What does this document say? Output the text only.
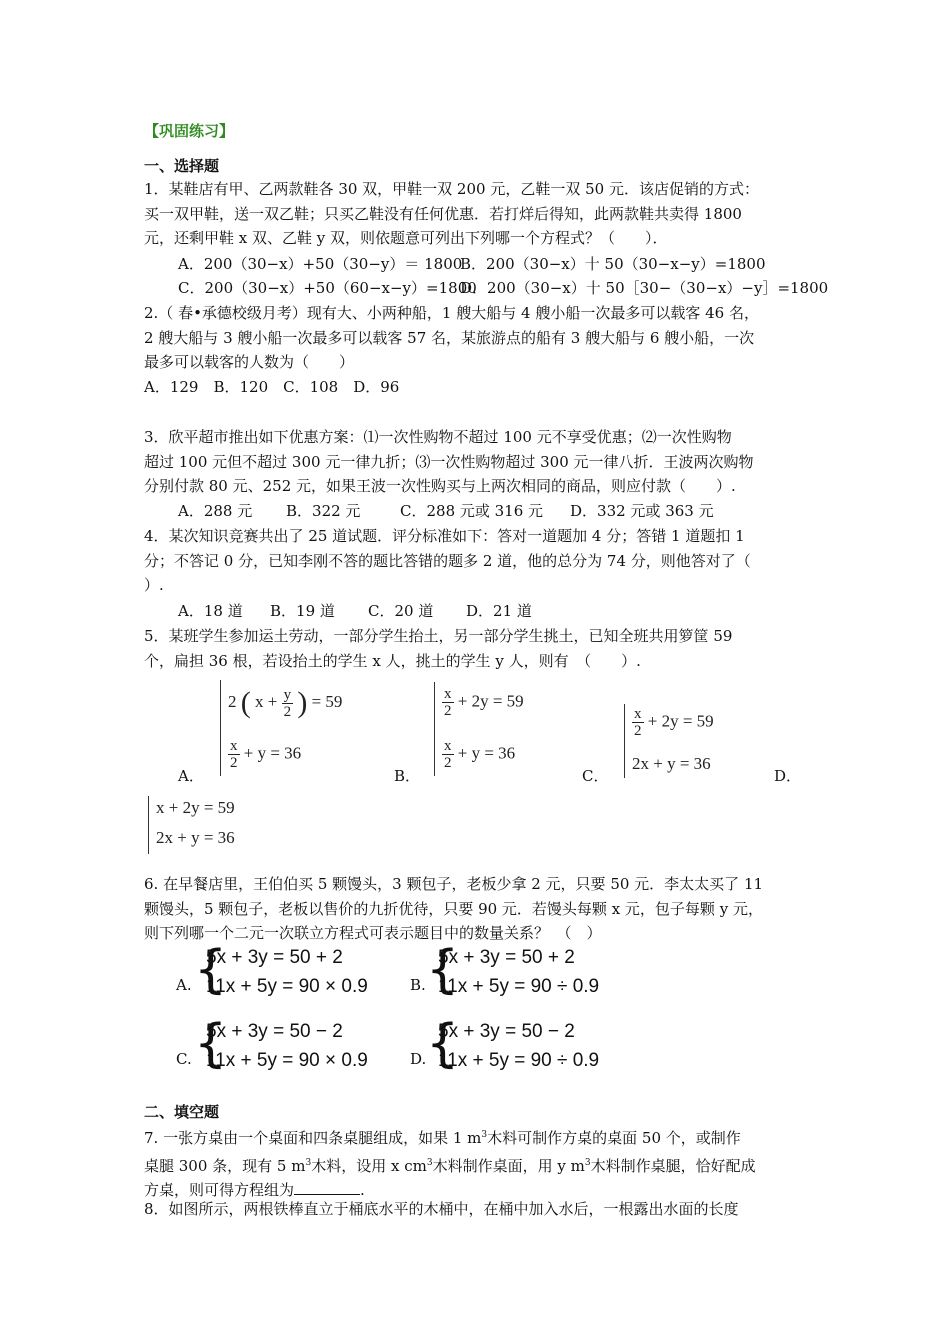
【巩固练习】
一、选择题
1．某鞋店有甲、乙两款鞋各 30 双，甲鞋一双 200 元，乙鞋一双 50 元．该店促销的方式：
买一双甲鞋，送一双乙鞋；只买乙鞋没有任何优惠．若打烊后得知，此两款鞋共卖得 1800
元，还剩甲鞋 x 双、乙鞋 y 双，则依题意可列出下列哪一个方程式？（　　）．
A．200（30−x）+50（30−y）＝ 1800
B．200（30−x）十 50（30−x−y）=1800
C．200（30−x）+50（60−x−y）=1800
D．200（30−x）十 50［30−（30−x）−y］=1800
2.（ 春•承德校级月考）现有大、小两种船，1 艘大船与 4 艘小船一次最多可以载客 46 名，
2 艘大船与 3 艘小船一次最多可以载客 57 名，某旅游点的船有 3 艘大船与 6 艘小船，一次
最多可以载客的人数为（　　）
A．129　B．120　C．108　D．96
3．欣平超市推出如下优惠方案：⑴一次性购物不超过 100 元不享受优惠；⑵一次性购物
超过 100 元但不超过 300 元一律九折；⑶一次性购物超过 300 元一律八折．王波两次购物
分别付款 80 元、252 元，如果王波一次性购买与上两次相同的商品，则应付款（　　）.
A．288 元 B．322 元	C．288 元或 316 元 D．332 元或 363 元
4．某次知识竞赛共出了 25 道试题．评分标准如下：答对一道题加 4 分；答错 1 道题扣 1
分；不答记 0 分，已知李刚不答的题比答错的题多 2 道，他的总分为 74 分，则他答对了（
）.
A．18 道 B．19 道 C．20 道 D．21 道
5．某班学生参加运土劳动，一部分学生抬土，另一部分学生挑土，已知全班共用箩筐 59
个，扁担 36 根，若设抬土的学生 x 人，挑土的学生 y 人，则有　（　　）.
A．
2 ( $x + \frac{y}{2}$ ) = 59
$\frac{x}{2} + y = 36$
B．
$\frac{x}{2} + 2y = 59$
$\frac{x}{2} + y = 36$
C．
$\frac{x}{2} + 2y = 59$
2x + y = 36
D．
x + 2y = 59
2x + y = 36
6. 在早餐店里，王伯伯买 5 颗馒头，3 颗包子，老板少拿 2 元，只要 50 元．李太太买了 11
颗馒头，5 颗包子，老板以售价的九折优待，只要 90 元．若馒头每颗 x 元，包子每颗 y 元，
则下列哪一个二元一次联立方程式可表示题目中的数量关系？　（　）
A. {
5x + 3y = 50 + 2
11x + 5y = 90 × 0.9	B. {
5x + 3y = 50 + 2
11x + 5y = 90 ÷ 0.9
C. {
5x + 3y = 50 − 2
11x + 5y = 90 × 0.9	D. {
5x + 3y = 50 − 2
11x + 5y = 90 ÷ 0.9
二、填空题
7. 一张方桌由一个桌面和四条桌腿组成，如果 1 $m^3$木料可制作方桌的桌面 50 个，或制作
桌腿 300 条，现有 5 $m^3$木料，设用 x $cm^3$木料制作桌面，用 y $m^3$木料制作桌腿，恰好配成
方桌，则可得方程组为	.
8．如图所示，两根铁棒直立于桶底水平的木桶中，在桶中加入水后，一根露出水面的长度
